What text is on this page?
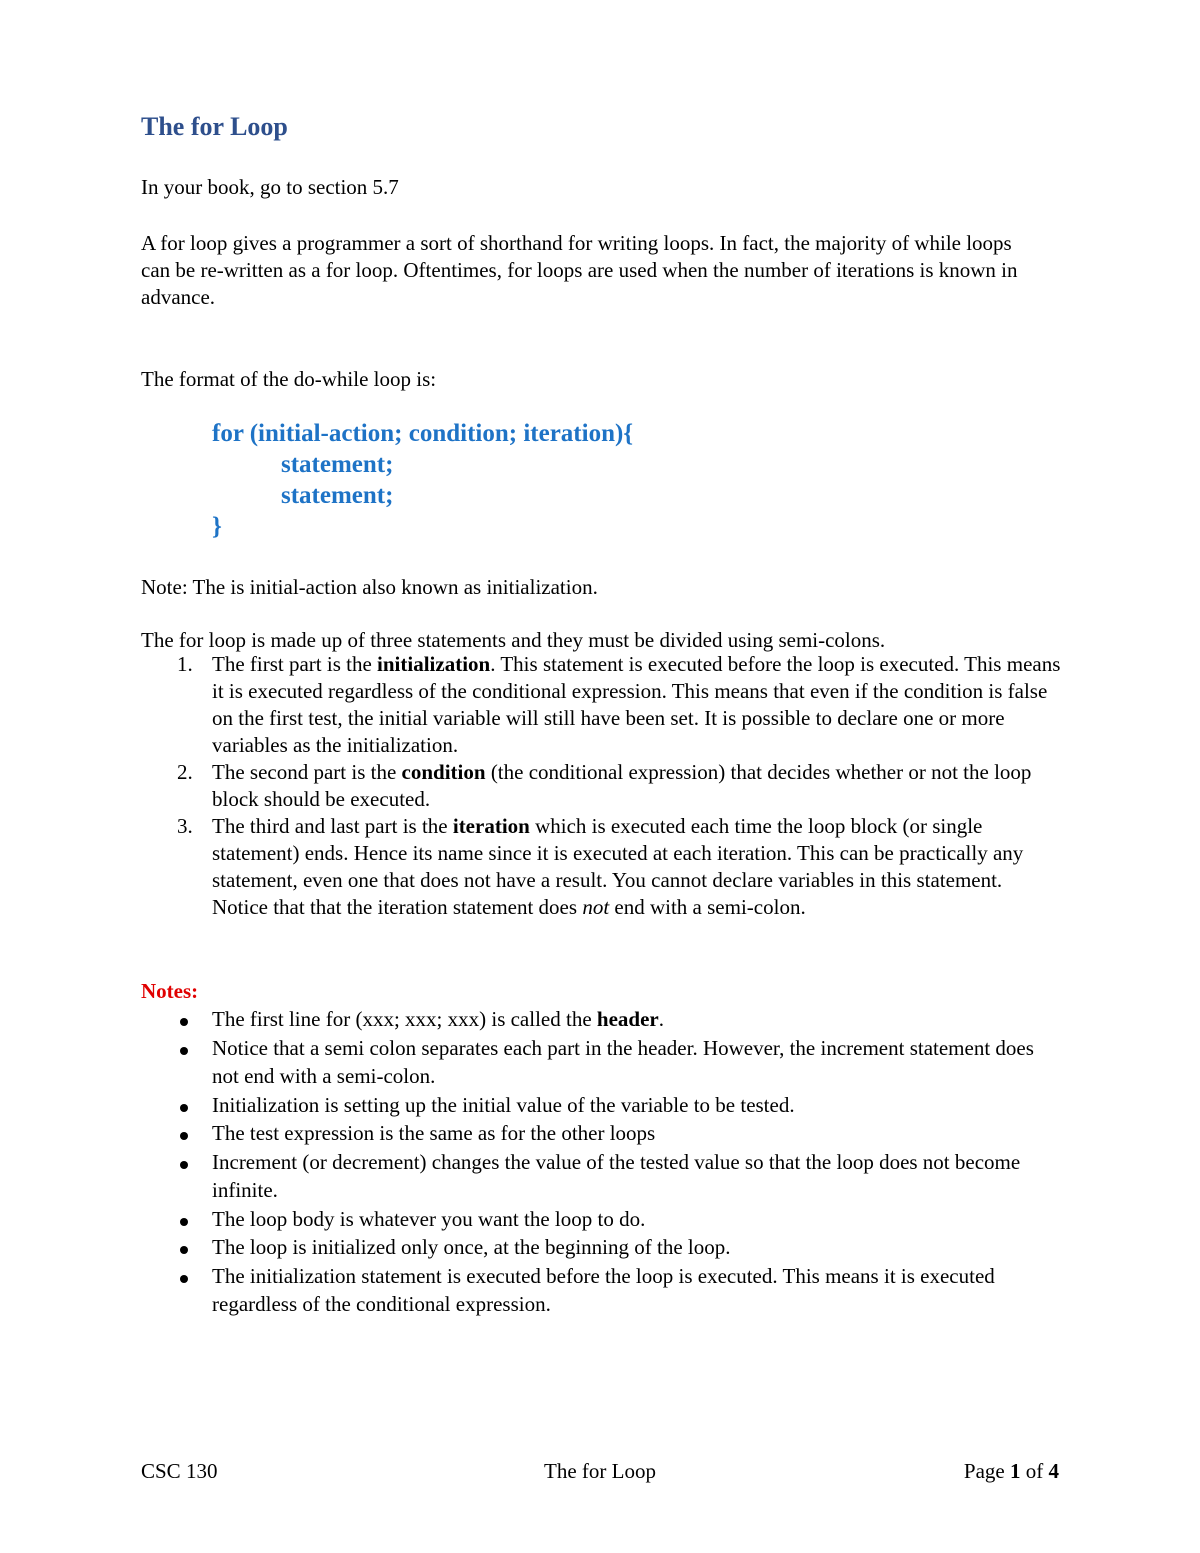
The for Loop

In your book, go to section 5.7

A for loop gives a programmer a sort of shorthand for writing loops. In fact, the majority of while loops can be re-written as a for loop. Oftentimes, for loops are used when the number of iterations is known in advance.

The format of the do-while loop is:

for (initial-action; condition; iteration){
statement;
statement;
}

Note: The is initial-action also known as initialization.

The for loop is made up of three statements and they must be divided using semi-colons.

1. The first part is the initialization. This statement is executed before the loop is executed. This means it is executed regardless of the conditional expression. This means that even if the condition is false on the first test, the initial variable will still have been set. It is possible to declare one or more variables as the initialization.
2. The second part is the condition (the conditional expression) that decides whether or not the loop block should be executed.
3. The third and last part is the iteration which is executed each time the loop block (or single statement) ends. Hence its name since it is executed at each iteration. This can be practically any statement, even one that does not have a result. You cannot declare variables in this statement. Notice that that the iteration statement does not end with a semi-colon.

Notes:

The first line for (xxx; xxx; xxx) is called the header.
Notice that a semi colon separates each part in the header. However, the increment statement does not end with a semi-colon.
Initialization is setting up the initial value of the variable to be tested.
The test expression is the same as for the other loops
Increment (or decrement) changes the value of the tested value so that the loop does not become infinite.
The loop body is whatever you want the loop to do.
The loop is initialized only once, at the beginning of the loop.
The initialization statement is executed before the loop is executed. This means it is executed regardless of the conditional expression.
The for Loop
CSC 130	Page 1 of 4
